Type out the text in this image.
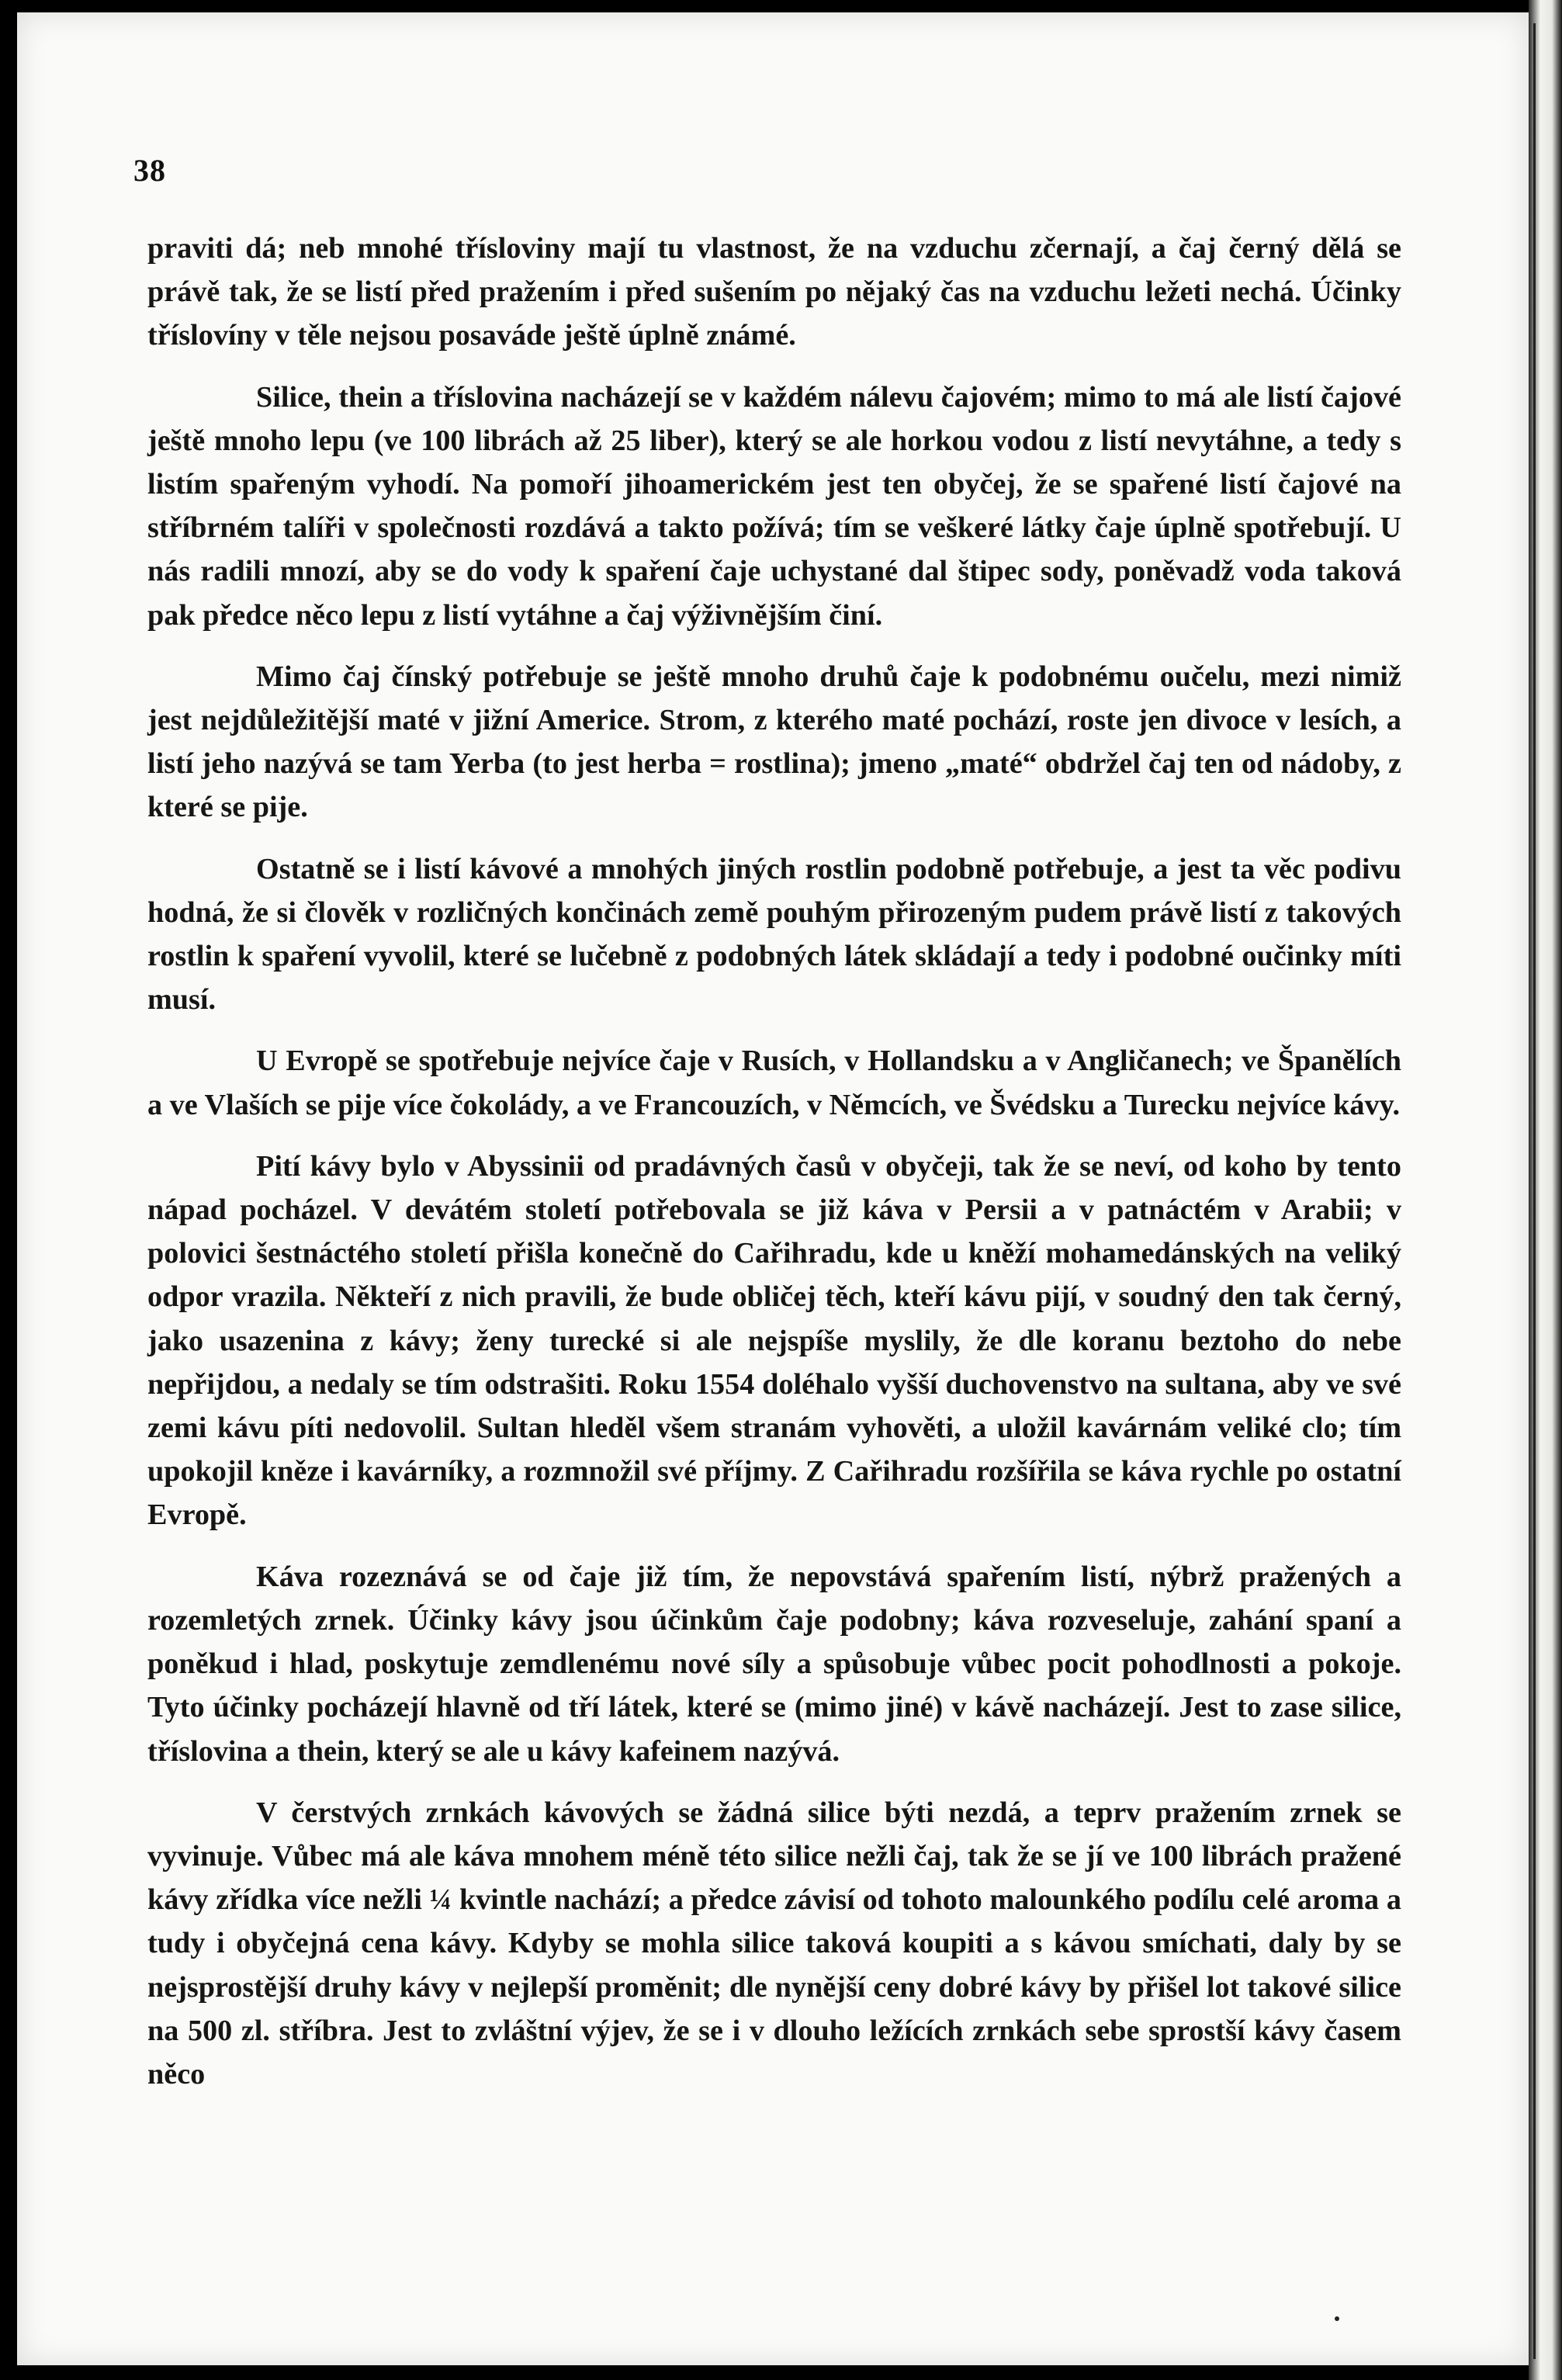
38

praviti dá; neb mnohé třísloviny mají tu vlastnost, že na vzduchu zčernají, a čaj černý dělá se právě tak, že se listí před pražením i před sušením po nějaký čas na vzduchu ležeti nechá. Účinky tříslovíny v těle nejsou posaváde ještě úplně známé.

Silice, thein a tříslovina nacházejí se v každém nálevu čajovém; mimo to má ale listí čajové ještě mnoho lepu (ve 100 librách až 25 liber), který se ale horkou vodou z listí nevytáhne, a tedy s listím spařeným vyhodí. Na pomoří jihoamerickém jest ten obyčej, že se spařené listí čajové na stříbrném talíři v společnosti rozdává a takto požívá; tím se veškeré látky čaje úplně spotřebují. U nás radili mnozí, aby se do vody k spaření čaje uchystané dal štipec sody, poněvadž voda taková pak předce něco lepu z listí vytáhne a čaj výživnějším činí.

Mimo čaj čínský potřebuje se ještě mnoho druhů čaje k podobnému oučelu, mezi nimiž jest nejdůležitější maté v jižní Americe. Strom, z kterého maté pochází, roste jen divoce v lesích, a listí jeho nazývá se tam Yerba (to jest herba = rostlina); jmeno „maté“ obdržel čaj ten od nádoby, z které se pije.

Ostatně se i listí kávové a mnohých jiných rostlin podobně potřebuje, a jest ta věc podivu hodná, že si člověk v rozličných končinách země pouhým přirozeným pudem právě listí z takových rostlin k spaření vyvolil, které se lučebně z podobných látek skládají a tedy i podobné oučinky míti musí.

U Evropě se spotřebuje nejvíce čaje v Rusích, v Hollandsku a v Angličanech; ve Španělích a ve Vlaších se pije více čokolády, a ve Francouzích, v Němcích, ve Švédsku a Turecku nejvíce kávy.

Pití kávy bylo v Abyssinii od pradávných časů v obyčeji, tak že se neví, od koho by tento nápad pocházel. V devátém století potřebovala se již káva v Persii a v patnáctém v Arabii; v polovici šestnáctého století přišla konečně do Cařihradu, kde u kněží mohamedánských na veliký odpor vrazila. Někteří z nich pravili, že bude obličej těch, kteří kávu pijí, v soudný den tak černý, jako usazenina z kávy; ženy turecké si ale nejspíše myslily, že dle koranu beztoho do nebe nepřijdou, a nedaly se tím odstrašiti. Roku 1554 doléhalo vyšší duchovenstvo na sultana, aby ve své zemi kávu píti nedovolil. Sultan hleděl všem stranám vyhověti, a uložil kavárnám veliké clo; tím upokojil kněze i kavárníky, a rozmnožil své příjmy. Z Cařihradu rozšířila se káva rychle po ostatní Evropě.

Káva rozeznává se od čaje již tím, že nepovstává spařením listí, nýbrž pražených a rozemletých zrnek. Účinky kávy jsou účinkům čaje podobny; káva rozveseluje, zahání spaní a poněkud i hlad, poskytuje zemdlenému nové síly a spůsobuje vůbec pocit pohodlnosti a pokoje. Tyto účinky pocházejí hlavně od tří látek, které se (mimo jiné) v kávě nacházejí. Jest to zase silice, tříslovina a thein, který se ale u kávy kafeinem nazývá.

V čerstvých zrnkách kávových se žádná silice býti nezdá, a teprv pražením zrnek se vyvinuje. Vůbec má ale káva mnohem méně této silice nežli čaj, tak že se jí ve 100 librách pražené kávy zřídka více nežli ¼ kvintle nachází; a předce závisí od tohoto malounkého podílu celé aroma a tudy i obyčejná cena kávy. Kdyby se mohla silice taková koupiti a s kávou smíchati, daly by se nejsprostější druhy kávy v nejlepší proměnit; dle nynější ceny dobré kávy by přišel lot takové silice na 500 zl. stříbra. Jest to zvláštní výjev, že se i v dlouho ležících zrnkách sebe sprostší kávy časem něco
